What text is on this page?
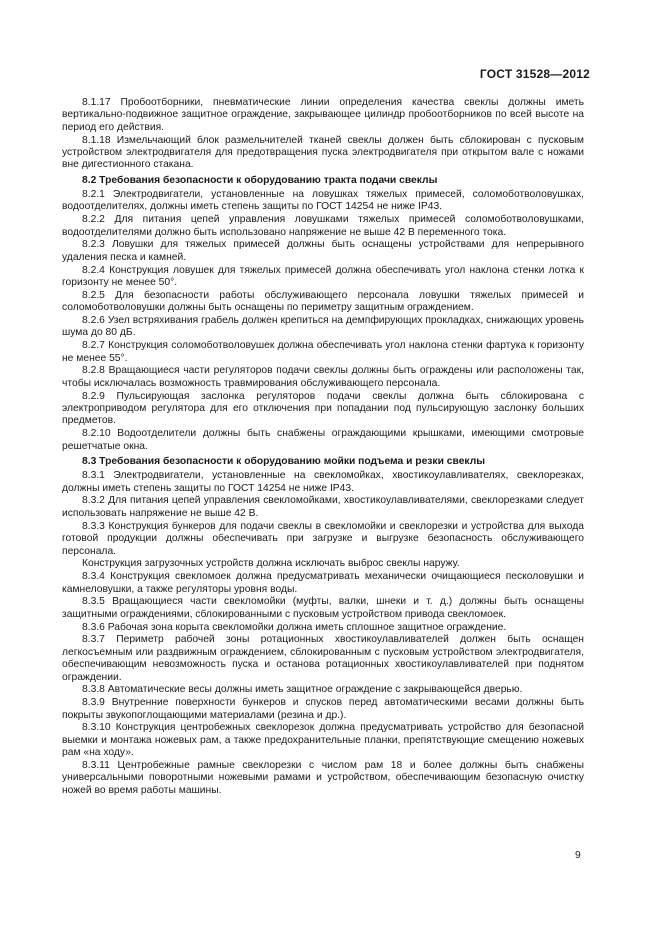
ГОСТ 31528—2012
8.1.17 Пробоотборники, пневматические линии определения качества свеклы должны иметь вертикально-подвижное защитное ограждение, закрывающее цилиндр пробоотборников по всей высоте на период его действия.
8.1.18 Измельчающий блок размельчителей тканей свеклы должен быть сблокирован с пусковым устройством электродвигателя для предотвращения пуска электродвигателя при открытом вале с ножами вне дигестионного стакана.
8.2 Требования безопасности к оборудованию тракта подачи свеклы
8.2.1 Электродвигатели, установленные на ловушках тяжелых примесей, соломоботволовушках, водоотделителях, должны иметь степень защиты по ГОСТ 14254 не ниже IP43.
8.2.2 Для питания цепей управления ловушками тяжелых примесей соломоботволовушками, водоотделителями должно быть использовано напряжение не выше 42 В переменного тока.
8.2.3 Ловушки для тяжелых примесей должны быть оснащены устройствами для непрерывного удаления песка и камней.
8.2.4 Конструкция ловушек для тяжелых примесей должна обеспечивать угол наклона стенки лотка к горизонту не менее 50°.
8.2.5 Для безопасности работы обслуживающего персонала ловушки тяжелых примесей и соломоботволовушки должны быть оснащены по периметру защитным ограждением.
8.2.6 Узел встряхивания грабель должен крепиться на демпфирующих прокладках, снижающих уровень шума до 80 дБ.
8.2.7 Конструкция соломоботволовушек должна обеспечивать угол наклона стенки фартука к горизонту не менее 55°.
8.2.8 Вращающиеся части регуляторов подачи свеклы должны быть ограждены или расположены так, чтобы исключалась возможность травмирования обслуживающего персонала.
8.2.9 Пульсирующая заслонка регуляторов подачи свеклы должна быть сблокирована с электроприводом регулятора для его отключения при попадании под пульсирующую заслонку больших предметов.
8.2.10 Водоотделители должны быть снабжены ограждающими крышками, имеющими смотровые решетчатые окна.
8.3 Требования безопасности к оборудованию мойки подъема и резки свеклы
8.3.1 Электродвигатели, установленные на свекломойках, хвостикоулавливателях, свеклорезках, должны иметь степень защиты по ГОСТ 14254 не ниже IP43.
8.3.2 Для питания цепей управления свекломойками, хвостикоулавливателями, свеклорезками следует использовать напряжение не выше 42 В.
8.3.3 Конструкция бункеров для подачи свеклы в свекломойки и свеклорезки и устройства для выхода готовой продукции должны обеспечивать при загрузке и выгрузке безопасность обслуживающего персонала.
Конструкция загрузочных устройств должна исключать выброс свеклы наружу.
8.3.4 Конструкция свекломоек должна предусматривать механически очищающиеся песколовушки и камнеловушки, а также регуляторы уровня воды.
8.3.5 Вращающиеся части свекломойки (муфты, валки, шнеки и т. д.) должны быть оснащены защитными ограждениями, сблокированными с пусковым устройством привода свекломоек.
8.3.6 Рабочая зона корыта свекломойки должна иметь сплошное защитное ограждение.
8.3.7 Периметр рабочей зоны ротационных хвостикоулавливателей должен быть оснащен легкосъемным или раздвижным ограждением, сблокированным с пусковым устройством электродвигателя, обеспечивающим невозможность пуска и останова ротационных хвостикоулавливателей при поднятом ограждении.
8.3.8 Автоматические весы должны иметь защитное ограждение с закрывающейся дверью.
8.3.9 Внутренние поверхности бункеров и спусков перед автоматическими весами должны быть покрыты звукопоглощающими материалами (резина и др.).
8.3.10 Конструкция центробежных свеклорезок должна предусматривать устройство для безопасной выемки и монтажа ножевых рам, а также предохранительные планки, препятствующие смещению ножевых рам «на ходу».
8.3.11 Центробежные рамные свеклорезки с числом рам 18 и более должны быть снабжены универсальными поворотными ножевыми рамами и устройством, обеспечивающим безопасную очистку ножей во время работы машины.
9
